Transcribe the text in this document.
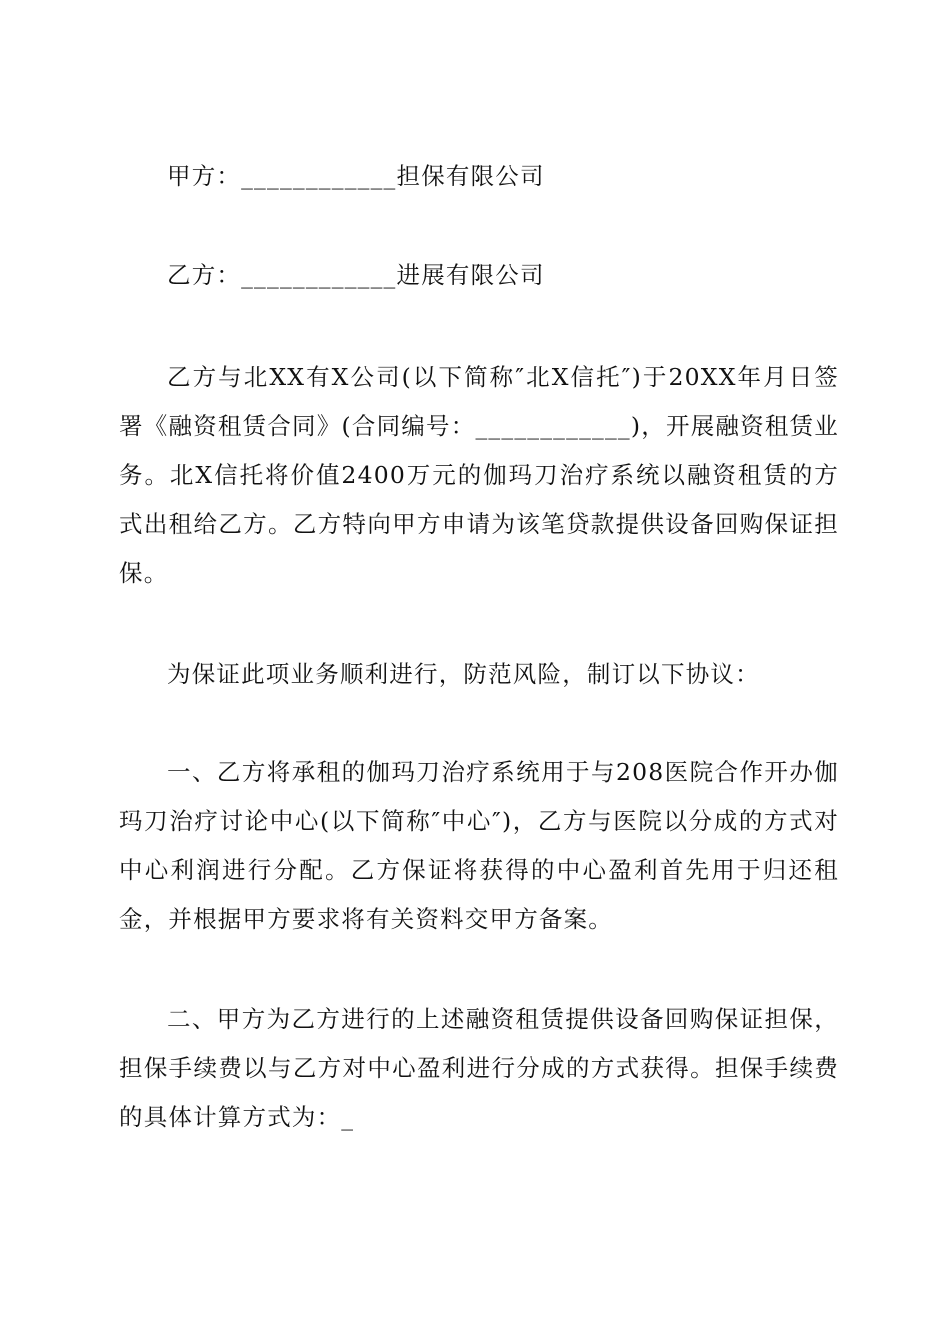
甲方：____________担保有限公司

乙方：____________进展有限公司

乙方与北XX有X公司(以下简称″北X信托″)于20XX年月日签署《融资租赁合同》(合同编号：____________)，开展融资租赁业务。北X信托将价值2400万元的伽玛刀治疗系统以融资租赁的方式出租给乙方。乙方特向甲方申请为该笔贷款提供设备回购保证担保。

为保证此项业务顺利进行，防范风险，制订以下协议：

一、乙方将承租的伽玛刀治疗系统用于与208医院合作开办伽玛刀治疗讨论中心(以下简称″中心″)，乙方与医院以分成的方式对中心利润进行分配。乙方保证将获得的中心盈利首先用于归还租金，并根据甲方要求将有关资料交甲方备案。

二、甲方为乙方进行的上述融资租赁提供设备回购保证担保，担保手续费以与乙方对中心盈利进行分成的方式获得。担保手续费的具体计算方式为：_
